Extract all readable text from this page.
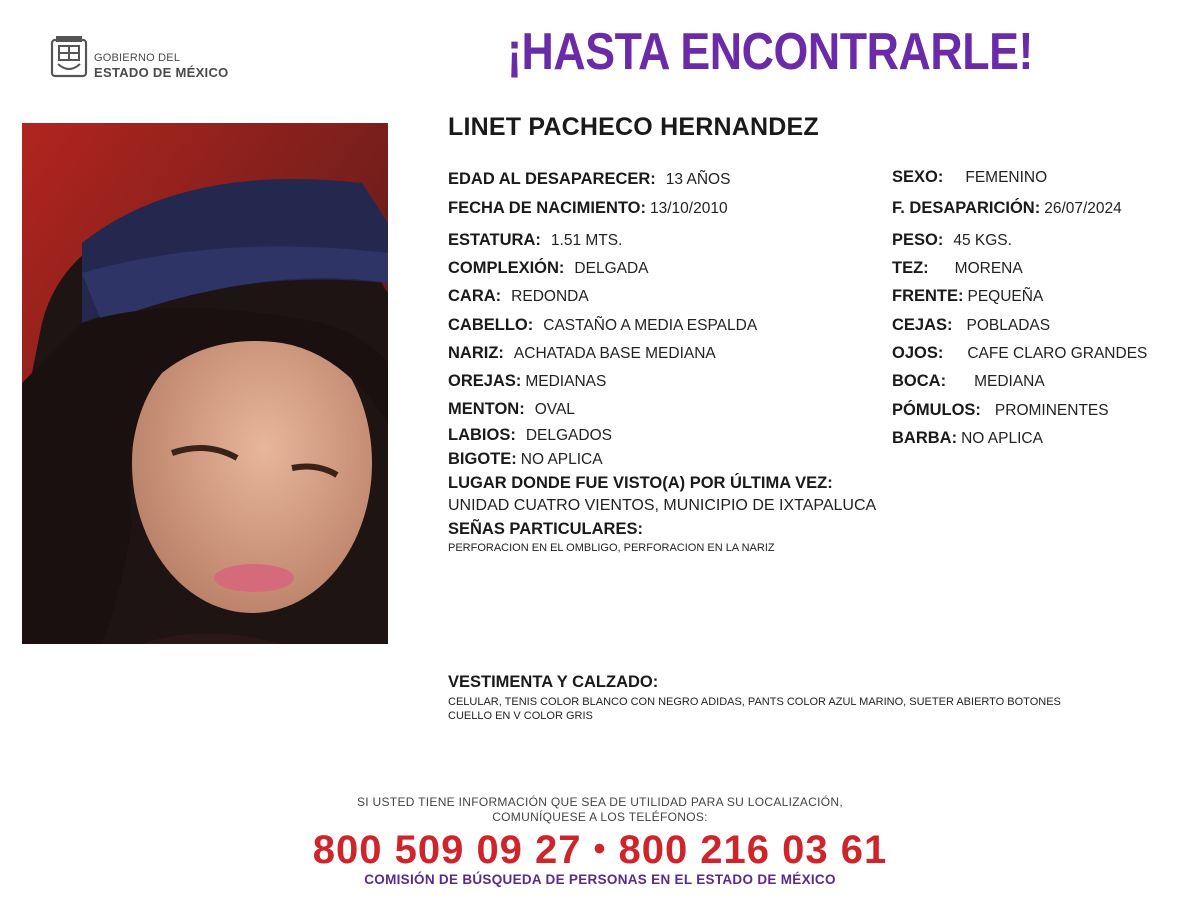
GOBIERNO DEL
ESTADO DE MÉXICO	¡HASTA ENCONTRARLE!
LINET PACHECO HERNANDEZ
EDAD AL DESAPARECER: 13 AÑOS
FECHA DE NACIMIENTO: 13/10/2010
ESTATURA: 1.51 MTS.
COMPLEXIÓN: DELGADA
CARA: REDONDA
CABELLO: CASTAÑO A MEDIA ESPALDA
NARIZ: ACHATADA BASE MEDIANA
OREJAS: MEDIANAS
MENTON: OVAL
LABIOS: DELGADOS
BIGOTE: NO APLICA
SEXO: FEMENINO
F. DESAPARICIÓN: 26/07/2024
PESO: 45 KGS.
TEZ: MORENA
FRENTE: PEQUEÑA
CEJAS: POBLADAS
OJOS: CAFE CLARO GRANDES
BOCA: MEDIANA
PÓMULOS: PROMINENTES
BARBA: NO APLICA
LUGAR DONDE FUE VISTO(A) POR ÚLTIMA VEZ:
UNIDAD CUATRO VIENTOS, MUNICIPIO DE IXTAPALUCA
SEÑAS PARTICULARES:
PERFORACION EN EL OMBLIGO, PERFORACION EN LA NARIZ
VESTIMENTA Y CALZADO:
CELULAR, TENIS COLOR BLANCO CON NEGRO ADIDAS, PANTS COLOR AZUL MARINO, SUETER ABIERTO BOTONES
CUELLO EN V COLOR GRIS
SI USTED TIENE INFORMACIÓN QUE SEA DE UTILIDAD PARA SU LOCALIZACIÓN,
COMUNÍQUESE A LOS TELÉFONOS:
800 509 09 27 • 800 216 03 61
COMISIÓN DE BÚSQUEDA DE PERSONAS EN EL ESTADO DE MÉXICO
